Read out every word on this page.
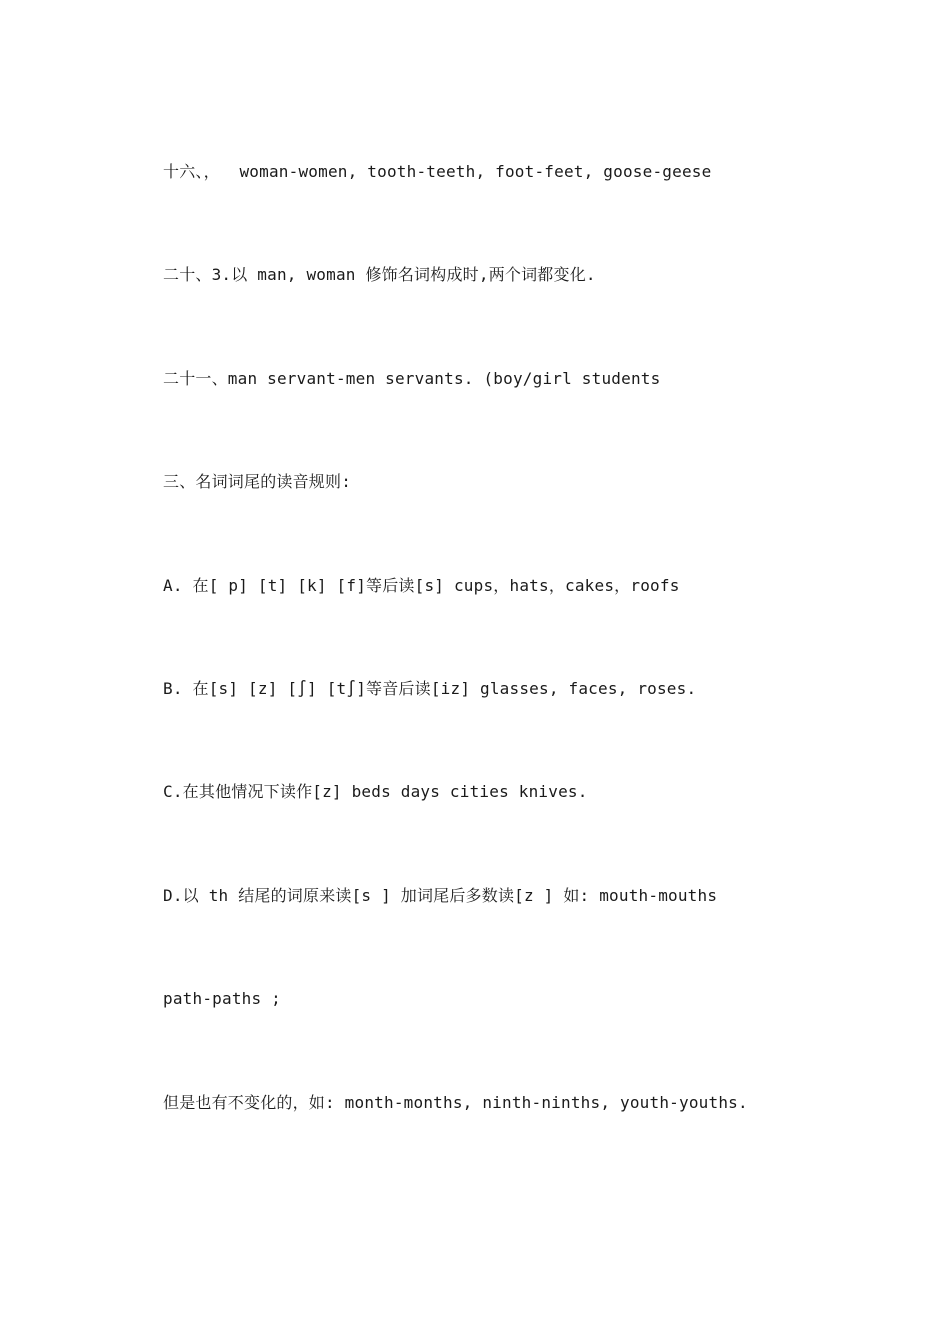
十六、，  woman-women, tooth-teeth, foot-feet, goose-geese
二十、3.以 man, woman 修饰名词构成时,两个词都变化.
二十一、man servant-men servants. (boy/girl students
三、名词词尾的读音规则:
A. 在[ p] [t] [k] [f]等后读[s] cups，hats，cakes，roofs
B. 在[s] [z] [∫] [t∫]等音后读[iz] glasses, faces, roses.
C.在其他情况下读作[z] beds days cities knives.
D.以 th 结尾的词原来读[s ] 加词尾后多数读[z ] 如: mouth-mouths
path-paths ;
但是也有不变化的，如: month-months, ninth-ninths, youth-youths.
